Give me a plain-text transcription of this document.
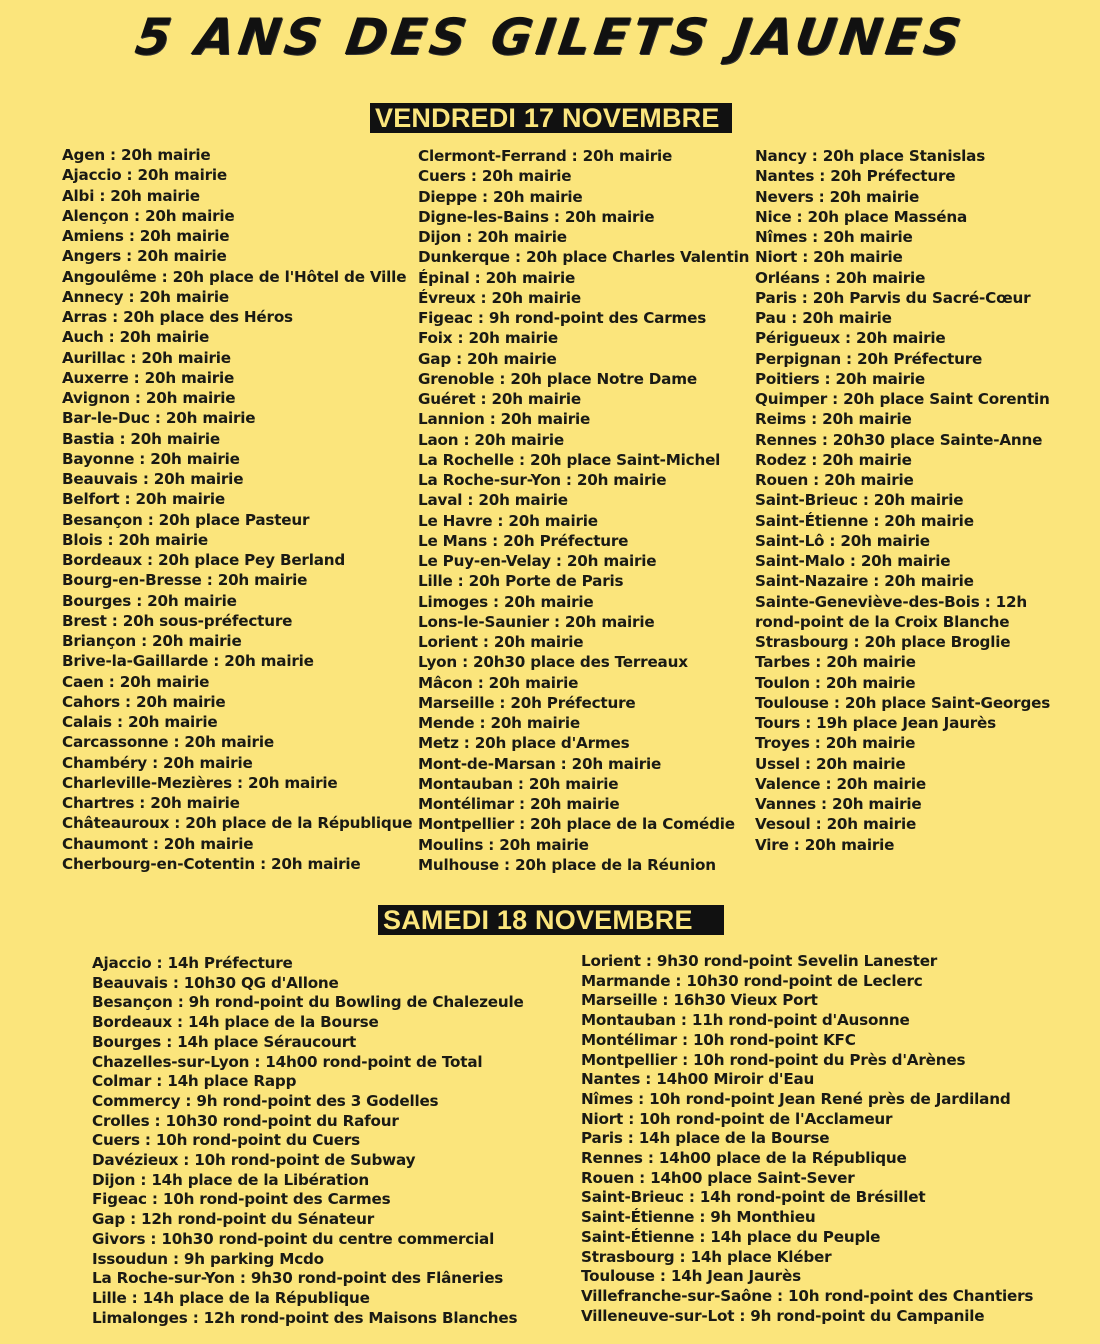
5 ANS DES GILETS JAUNES
VENDREDI 17 NOVEMBRE
Agen : 20h mairie
Ajaccio : 20h mairie
Albi : 20h mairie
Alençon : 20h mairie
Amiens : 20h mairie
Angers : 20h mairie
Angoulême : 20h place de l'Hôtel de Ville
Annecy : 20h mairie
Arras : 20h place des Héros
Auch : 20h mairie
Aurillac : 20h mairie
Auxerre : 20h mairie
Avignon : 20h mairie
Bar-le-Duc : 20h mairie
Bastia : 20h mairie
Bayonne : 20h mairie
Beauvais : 20h mairie
Belfort : 20h mairie
Besançon : 20h place Pasteur
Blois : 20h mairie
Bordeaux : 20h place Pey Berland
Bourg-en-Bresse : 20h mairie
Bourges : 20h mairie
Brest : 20h sous-préfecture
Briançon : 20h mairie
Brive-la-Gaillarde : 20h mairie
Caen : 20h mairie
Cahors : 20h mairie
Calais : 20h mairie
Carcassonne : 20h mairie
Chambéry : 20h mairie
Charleville-Mezières : 20h mairie
Chartres : 20h mairie
Châteauroux : 20h place de la République
Chaumont : 20h mairie
Cherbourg-en-Cotentin : 20h mairie
Clermont-Ferrand : 20h mairie
Cuers : 20h mairie
Dieppe : 20h mairie
Digne-les-Bains : 20h mairie
Dijon : 20h mairie
Dunkerque : 20h place Charles Valentin
Épinal : 20h mairie
Évreux : 20h mairie
Figeac : 9h rond-point des Carmes
Foix : 20h mairie
Gap : 20h mairie
Grenoble : 20h place Notre Dame
Guéret : 20h mairie
Lannion : 20h mairie
Laon : 20h mairie
La Rochelle : 20h place Saint-Michel
La Roche-sur-Yon : 20h mairie
Laval : 20h mairie
Le Havre : 20h mairie
Le Mans : 20h Préfecture
Le Puy-en-Velay : 20h mairie
Lille : 20h Porte de Paris
Limoges : 20h mairie
Lons-le-Saunier : 20h mairie
Lorient : 20h mairie
Lyon : 20h30 place des Terreaux
Mâcon : 20h mairie
Marseille : 20h Préfecture
Mende : 20h mairie
Metz : 20h place d'Armes
Mont-de-Marsan : 20h mairie
Montauban : 20h mairie
Montélimar : 20h mairie
Montpellier : 20h place de la Comédie
Moulins : 20h mairie
Mulhouse : 20h place de la Réunion
Nancy : 20h place Stanislas
Nantes : 20h Préfecture
Nevers : 20h mairie
Nice : 20h place Masséna
Nîmes : 20h mairie
Niort : 20h mairie
Orléans : 20h mairie
Paris : 20h Parvis du Sacré-Cœur
Pau : 20h mairie
Périgueux : 20h mairie
Perpignan : 20h Préfecture
Poitiers : 20h mairie
Quimper : 20h place Saint Corentin
Reims : 20h mairie
Rennes : 20h30 place Sainte-Anne
Rodez : 20h mairie
Rouen : 20h mairie
Saint-Brieuc : 20h mairie
Saint-Étienne : 20h mairie
Saint-Lô : 20h mairie
Saint-Malo : 20h mairie
Saint-Nazaire : 20h mairie
Sainte-Geneviève-des-Bois : 12h
rond-point de la Croix Blanche
Strasbourg : 20h place Broglie
Tarbes : 20h mairie
Toulon : 20h mairie
Toulouse : 20h place Saint-Georges
Tours : 19h place Jean Jaurès
Troyes : 20h mairie
Ussel : 20h mairie
Valence : 20h mairie
Vannes : 20h mairie
Vesoul : 20h mairie
Vire : 20h mairie
SAMEDI 18 NOVEMBRE
Ajaccio : 14h Préfecture
Beauvais : 10h30 QG d'Allone
Besançon : 9h rond-point du Bowling de Chalezeule
Bordeaux : 14h place de la Bourse
Bourges : 14h place Séraucourt
Chazelles-sur-Lyon : 14h00 rond-point de Total
Colmar : 14h place Rapp
Commercy : 9h rond-point des 3 Godelles
Crolles : 10h30 rond-point du Rafour
Cuers : 10h rond-point du Cuers
Davézieux : 10h rond-point de Subway
Dijon : 14h place de la Libération
Figeac : 10h rond-point des Carmes
Gap : 12h rond-point du Sénateur
Givors : 10h30 rond-point du centre commercial
Issoudun : 9h parking Mcdo
La Roche-sur-Yon : 9h30 rond-point des Flâneries
Lille : 14h place de la République
Limalonges : 12h rond-point des Maisons Blanches
Lorient : 9h30 rond-point Sevelin Lanester
Marmande : 10h30 rond-point de Leclerc
Marseille : 16h30 Vieux Port
Montauban : 11h rond-point d'Ausonne
Montélimar : 10h rond-point KFC
Montpellier : 10h rond-point du Près d'Arènes
Nantes : 14h00 Miroir d'Eau
Nîmes : 10h rond-point Jean René près de Jardiland
Niort : 10h rond-point de l'Acclameur
Paris : 14h place de la Bourse
Rennes : 14h00 place de la République
Rouen : 14h00 place Saint-Sever
Saint-Brieuc : 14h rond-point de Brésillet
Saint-Étienne : 9h Monthieu
Saint-Étienne : 14h place du Peuple
Strasbourg : 14h place Kléber
Toulouse : 14h Jean Jaurès
Villefranche-sur-Saône : 10h rond-point des Chantiers
Villeneuve-sur-Lot : 9h rond-point du Campanile
